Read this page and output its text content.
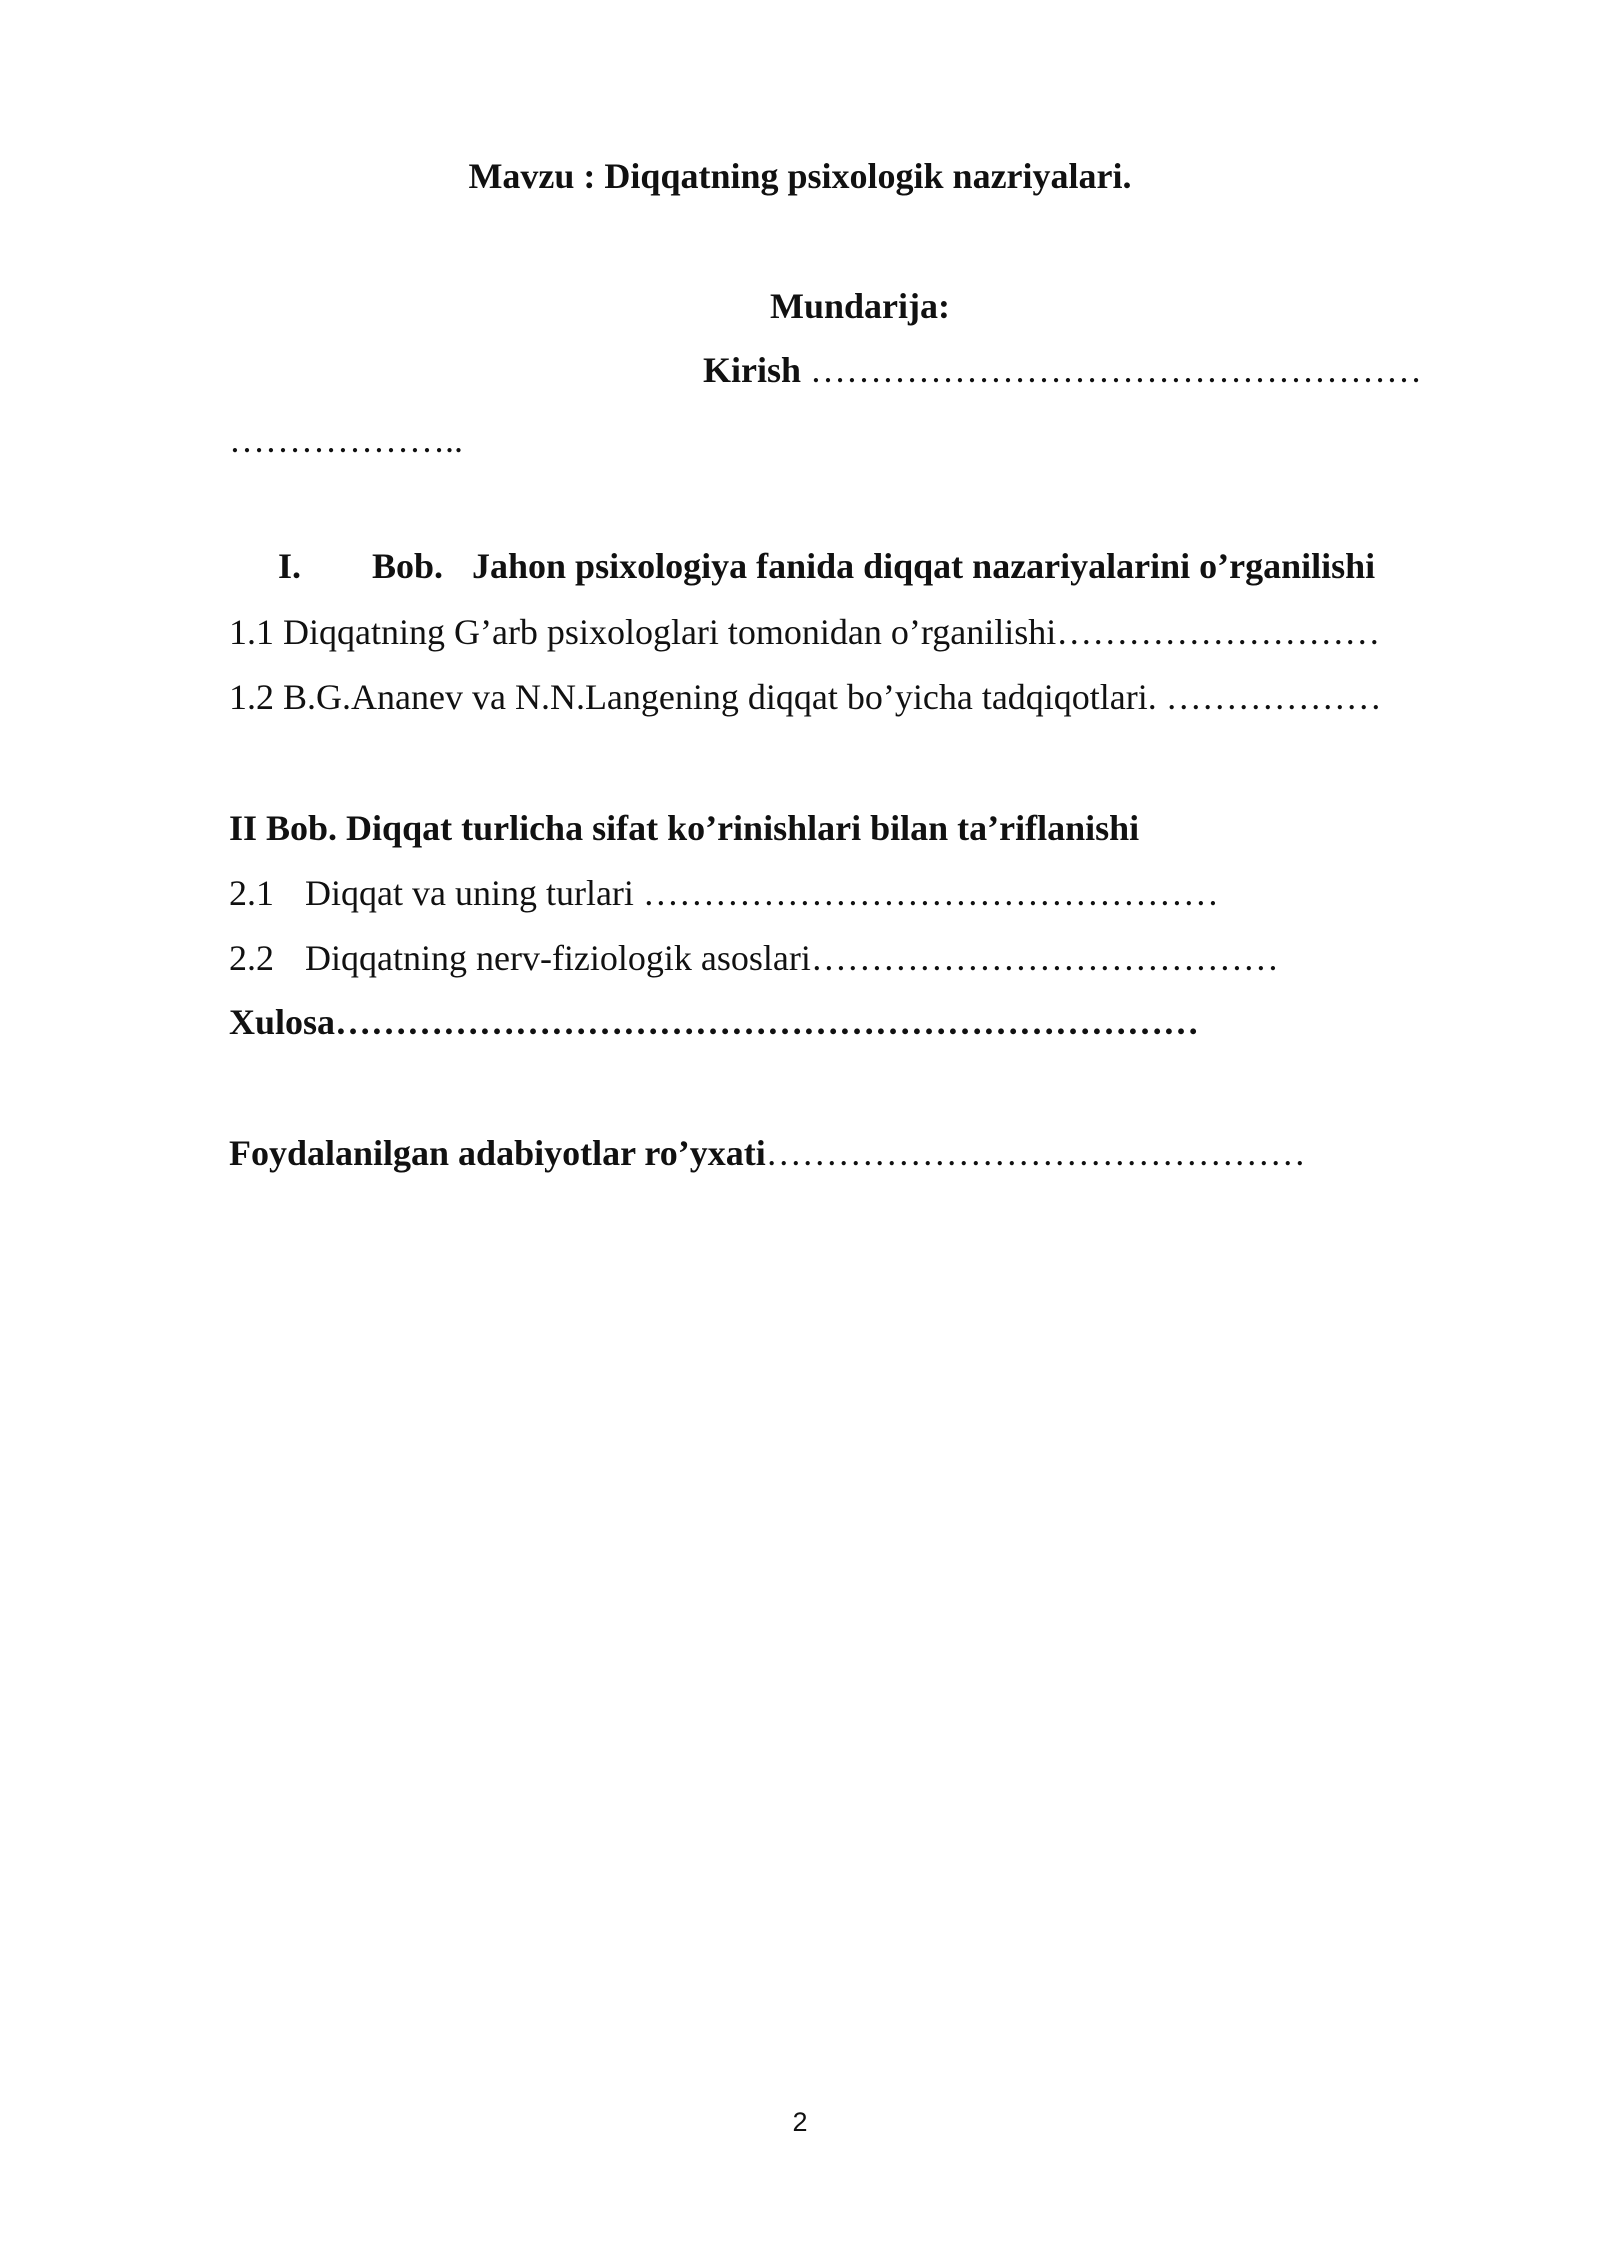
Mavzu : Diqqatning psixologik nazriyalari.
Mundarija:
Kirish ……………………………………………
………………..
I. Bob. Jahon psixologiya fanida diqqat nazariyalarini o’rganilishi
1.1 Diqqatning G’arb psixologlari tomonidan o’rganilishi………………………
1.2 B.G.Ananev va N.N.Langening diqqat bo’yicha tadqiqotlari. ………………
II Bob. Diqqat turlicha sifat ko’rinishlari bilan ta’riflanishi
2.1 Diqqat va uning turlari …………………………………………
2.2 Diqqatning nerv-fiziologik asoslari…………………………………
Xulosa………………………………………………………………
Foydalanilgan adabiyotlar ro’yxati………………………………………
2
